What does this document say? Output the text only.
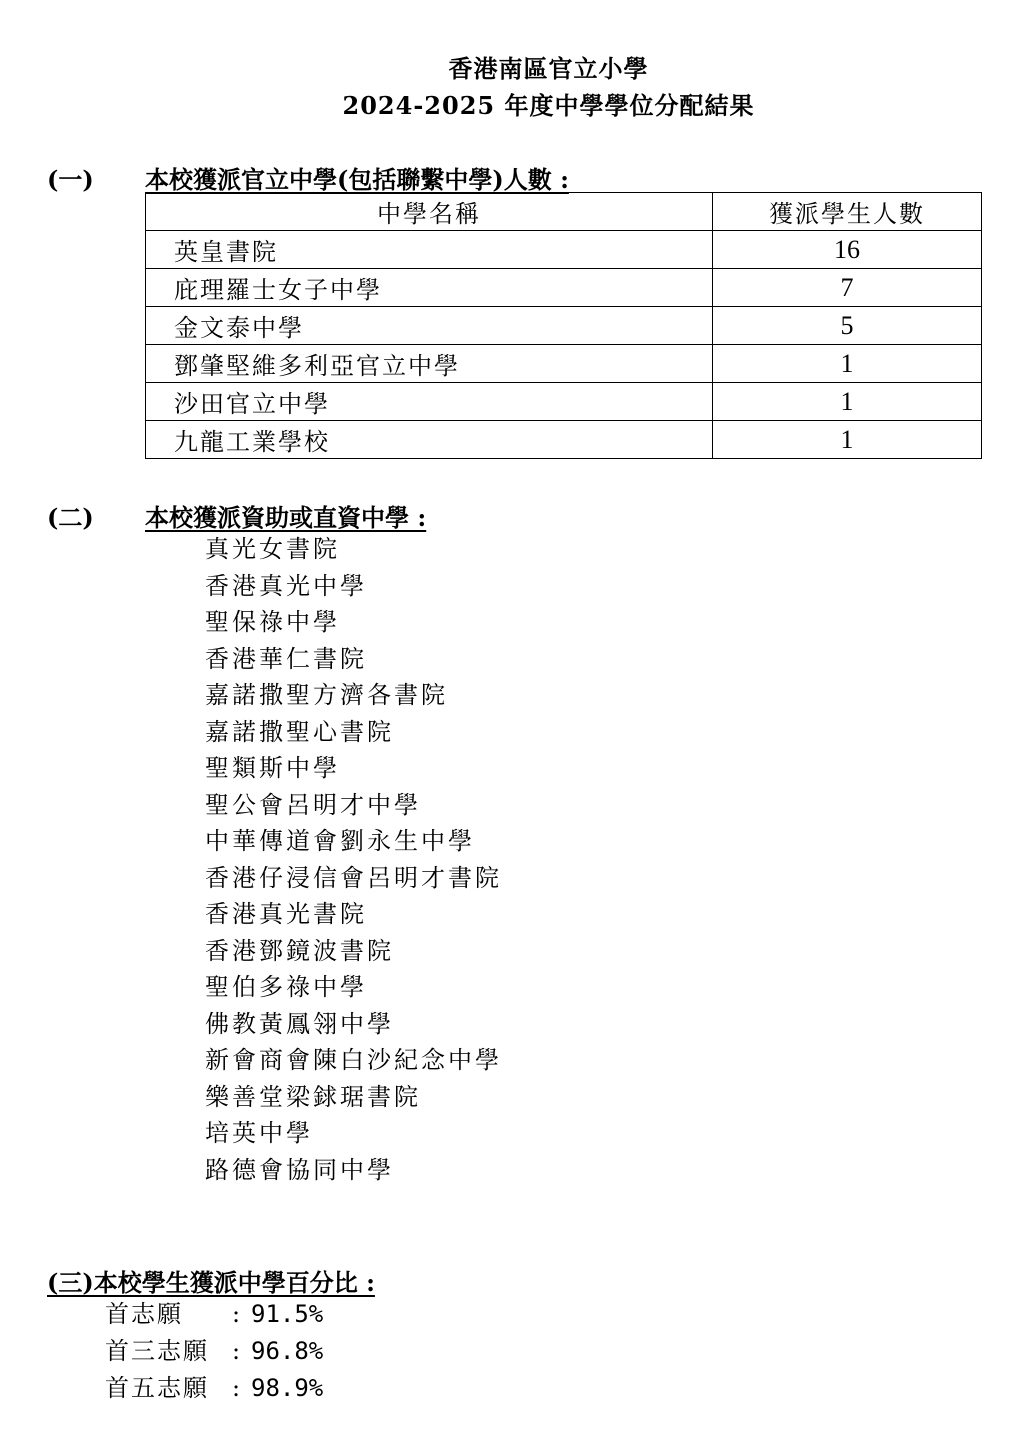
香港南區官立小學
2024-2025 年度中學學位分配結果
(一) 本校獲派官立中學(包括聯繫中學)人數 :
中學名稱	獲派學生人數
英皇書院	16
庇理羅士女子中學	7
金文泰中學	5
鄧肇堅維多利亞官立中學	1
沙田官立中學	1
九龍工業學校	1
(二) 本校獲派資助或直資中學 :
真光女書院
香港真光中學
聖保祿中學
香港華仁書院
嘉諾撒聖方濟各書院
嘉諾撒聖心書院
聖類斯中學
聖公會呂明才中學
中華傳道會劉永生中學
香港仔浸信會呂明才書院
香港真光書院
香港鄧鏡波書院
聖伯多祿中學
佛教黃鳳翎中學
新會商會陳白沙紀念中學
樂善堂梁銶琚書院
培英中學
路德會協同中學
(三)本校學生獲派中學百分比 :
首志願 : 91.5%
首三志願 : 96.8%
首五志願 : 98.9%
